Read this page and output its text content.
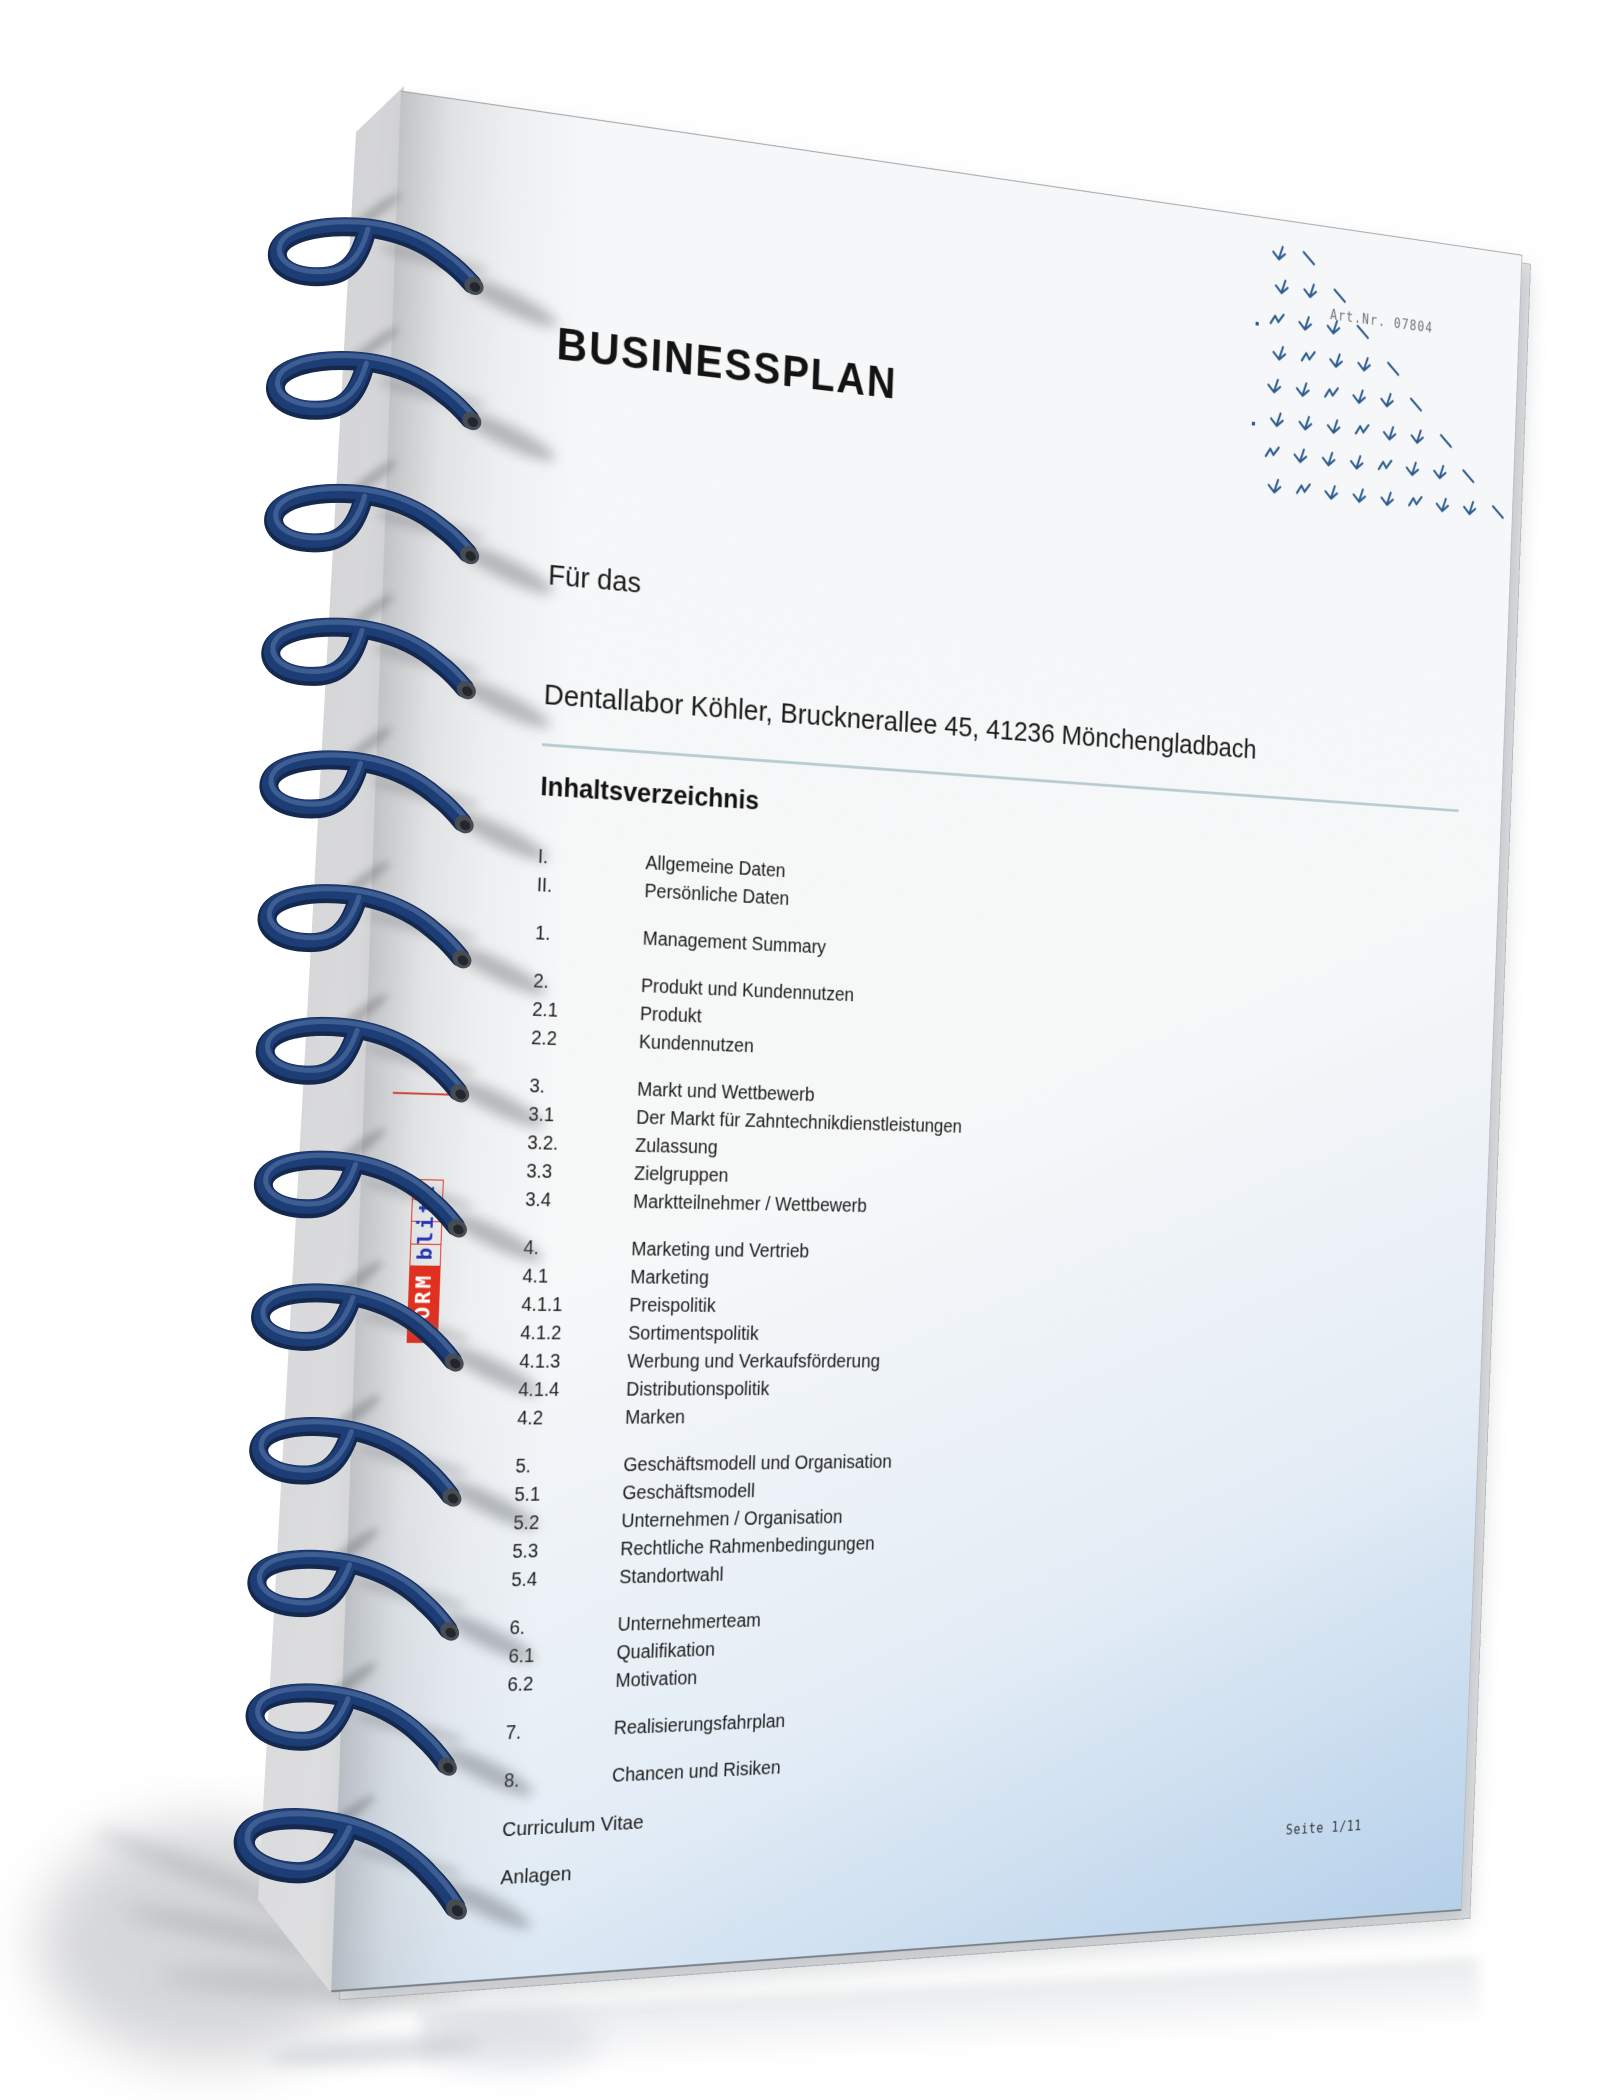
BUSINESSPLAN	Art.Nr. 07804
Für das
Dentallabor Köhler, Brucknerallee 45, 41236 Mönchengladbach
Inhaltsverzeichnis
I.	Allgemeine Daten
II.	Persönliche Daten
1.	Management Summary
2.	Produkt und Kundennutzen
2.1	Produkt
2.2	Kundennutzen
3.	Markt und Wettbewerb
3.1	Der Markt für Zahntechnikdienstleistungen
3.2.	Zulassung
3.3	Zielgruppen
3.4	Marktteilnehmer / Wettbewerb
4.	Marketing und Vertrieb
4.1	Marketing
4.1.1	Preispolitik
4.1.2	Sortimentspolitik
4.1.3	Werbung und Verkaufsförderung
4.1.4	Distributionspolitik
4.2	Marken
5.	Geschäftsmodell und Organisation
5.1	Geschäftsmodell
5.2	Unternehmen / Organisation
5.3	Rechtliche Rahmenbedingungen
5.4	Standortwahl
6.	Unternehmerteam
6.1	Qualifikation
6.2	Motivation
7.	Realisierungsfahrplan
8.	Chancen und Risiken
Curriculum Vitae
Anlagen
FORMblitz
Seite 1/11
